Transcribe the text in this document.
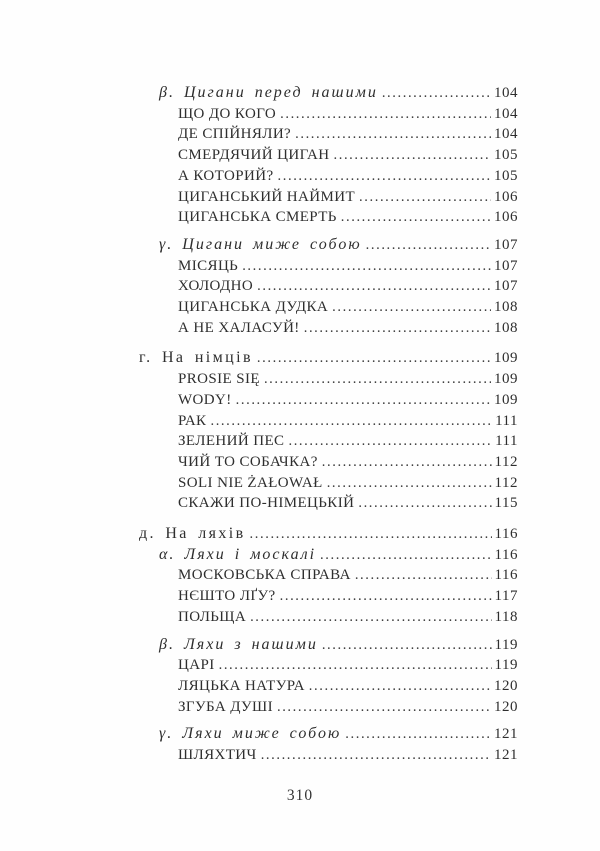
β. Цигани перед нашими .....	104
ЩО ДО КОГО .....	104
ДЕ СПІЙНЯЛИ? .....	104
СМЕРДЯЧИЙ ЦИГАН .....	105
А КОТОРИЙ? .....	105
ЦИГАНСЬКИЙ НАЙМИТ .....	106
ЦИГАНСЬКА СМЕРТЬ .....	106
γ. Цигани миже собою .....	107
МІСЯЦЬ .....	107
ХОЛОДНО .....	107
ЦИГАНСЬКА ДУДКА .....	108
А НЕ ХАЛАСУЙ! .....	108
г. На німців .....	109
PROSIE SIĘ .....	109
WODY! .....	109
РАК .....	111
ЗЕЛЕНИЙ ПЕС .....	111
ЧИЙ ТО СОБАЧКА? .....	112
SOLI NIE ŻAŁOWAŁ .....	112
СКАЖИ ПО-НІМЕЦЬКІЙ .....	115
д. На ляхів .....	116
α. Ляхи і москалі .....	116
МОСКОВСЬКА СПРАВА .....	116
НЄШТО ЛҐУ? .....	117
ПОЛЬЩА .....	118
β. Ляхи з нашими .....	119
ЦАРІ .....	119
ЛЯЦЬКА НАТУРА .....	120
ЗГУБА ДУШІ .....	120
γ. Ляхи миже собою .....	121
ШЛЯХТИЧ .....	121
310
